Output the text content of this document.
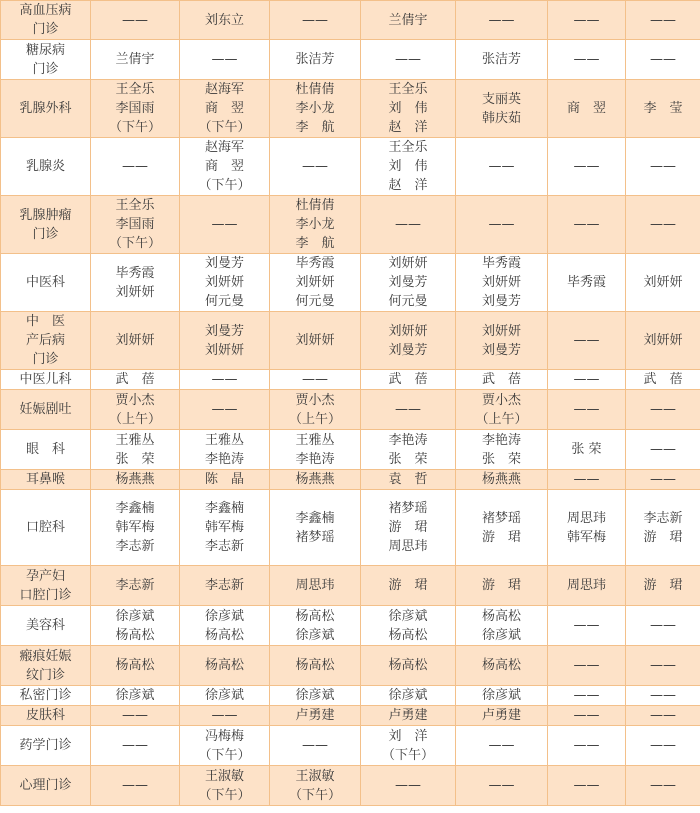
高血压病
门诊	——	刘东立	——	兰倩宇	——	——	——
糖尿病
门诊	兰倩宇	——	张洁芳	——	张洁芳	——	——
乳腺外科	王全乐
李国雨
（下午）	赵海军
商　翌
（下午）	杜倩倩
李小龙
李　航	王全乐
刘　伟
赵　洋	支丽英
韩庆茹	商　翌	李　莹
乳腺炎	——	赵海军
商　翌
（下午）	——	王全乐
刘　伟
赵　洋	——	——	——
乳腺肿瘤
门诊	王全乐
李国雨
（下午）	——	杜倩倩
李小龙
李　航	——	——	——	——
中医科	毕秀霞
刘妍妍	刘曼芳
刘妍妍
何元曼	毕秀霞
刘妍妍
何元曼	刘妍妍
刘曼芳
何元曼	毕秀霞
刘妍妍
刘曼芳	毕秀霞	刘妍妍
中　医
产后病
门诊	刘妍妍	刘曼芳
刘妍妍	刘妍妍	刘妍妍
刘曼芳	刘妍妍
刘曼芳	——	刘妍妍
中医儿科	武　蓓	——	——	武　蓓	武　蓓	——	武　蓓
妊娠剧吐	贾小杰
（上午）	——	贾小杰
（上午）	——	贾小杰
（上午）	——	——
眼　科	王雅丛
张　荣	王雅丛
李艳涛	王雅丛
李艳涛	李艳涛
张　荣	李艳涛
张　荣	张 荣	——
耳鼻喉	杨燕燕	陈　晶	杨燕燕	袁　哲	杨燕燕	——	——
口腔科	李鑫楠
韩军梅
李志新	李鑫楠
韩军梅
李志新	李鑫楠
褚梦瑶	褚梦瑶
游　珺
周思玮	褚梦瑶
游　珺	周思玮
韩军梅	李志新
游　珺
孕产妇
口腔门诊	李志新	李志新	周思玮	游　珺	游　珺	周思玮	游　珺
美容科	徐彦斌
杨高松	徐彦斌
杨高松	杨高松
徐彦斌	徐彦斌
杨高松	杨高松
徐彦斌	——	——
瘢痕妊娠
纹门诊	杨高松	杨高松	杨高松	杨高松	杨高松	——	——
私密门诊	徐彦斌	徐彦斌	徐彦斌	徐彦斌	徐彦斌	——	——
皮肤科	——	——	卢勇建	卢勇建	卢勇建	——	——
药学门诊	——	冯梅梅
（下午）	——	刘　洋
（下午）	——	——	——
心理门诊	——	王淑敏
（下午）	王淑敏
（下午）	——	——	——	——
